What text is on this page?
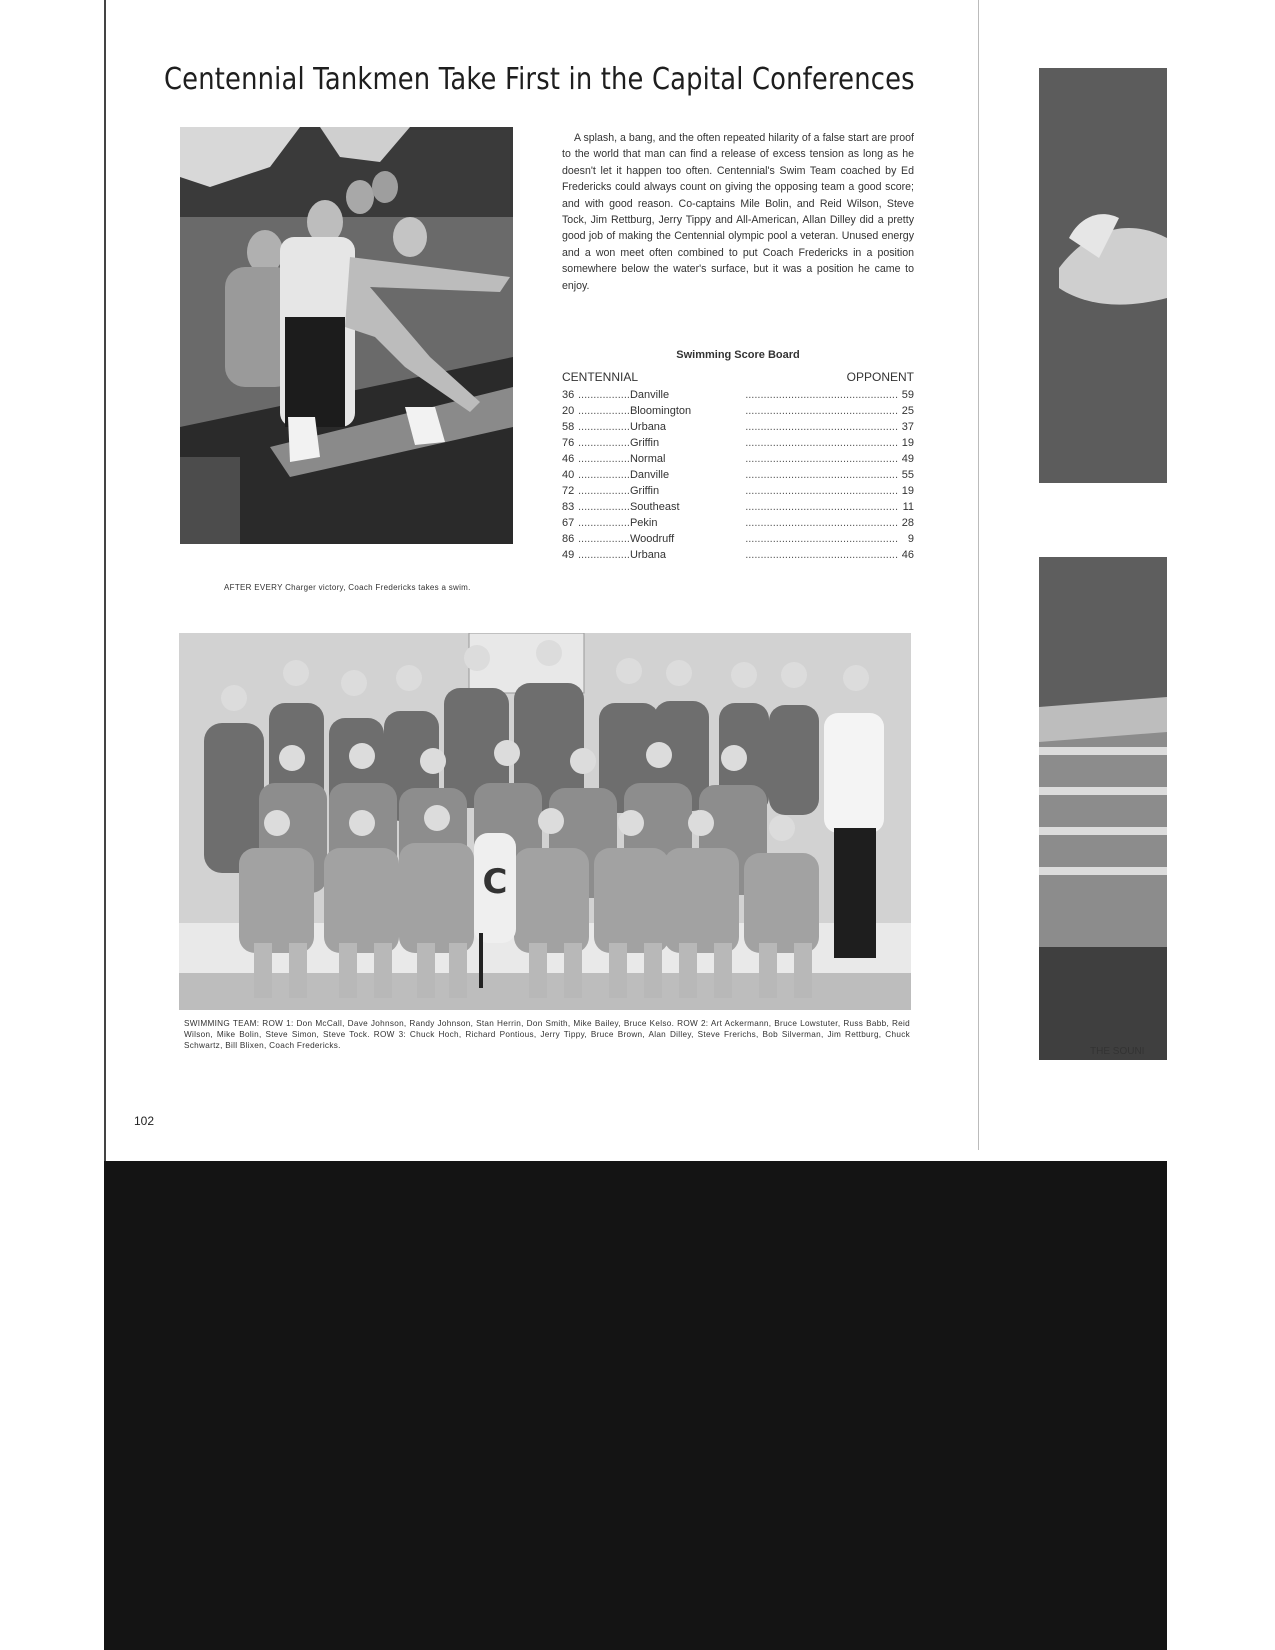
Centennial Tankmen Take First in the Capital Conferences
AFTER EVERY Charger victory, Coach Fredericks takes a swim.

A splash, a bang, and the often repeated hilarity of a false start are proof to the world that man can find a release of excess tension as long as he doesn't let it happen too often. Centennial's Swim Team coached by Ed Fredericks could always count on giving the opposing team a good score; and with good reason. Co-captains Mile Bolin, and Reid Wilson, Steve Tock, Jim Rettburg, Jerry Tippy and All-American, Allan Dilley did a pretty good job of making the Centennial olympic pool a veteran. Unused energy and a won meet often combined to put Coach Fredericks in a position somewhere below the water's surface, but it was a position he came to enjoy.

Swimming Score Board
CENTENNIAL	OPPONENT
36 ................. Danville	.................................................. 59
20 ................. Bloomington	.................................................. 25
58 ................. Urbana	.................................................. 37
76 ................. Griffin	.................................................. 19
46 ................. Normal	.................................................. 49
40 ................. Danville	.................................................. 55
72 ................. Griffin	.................................................. 19
83 ................. Southeast	.................................................. 11
67 ................. Pekin	.................................................. 28
86 ................. Woodruff	.................................................. 9
49 ................. Urbana	.................................................. 46
C
SWIMMING TEAM: ROW 1: Don McCall, Dave Johnson, Randy Johnson, Stan Herrin, Don Smith, Mike Bailey, Bruce Kelso. ROW 2: Art Ackermann, Bruce Lowstuter, Russ Babb, Reid Wilson, Mike Bolin, Steve Simon, Steve Tock. ROW 3: Chuck Hoch, Richard Pontious, Jerry Tippy, Bruce Brown, Alan Dilley, Steve Frerichs, Bob Silverman, Jim Rettburg, Chuck Schwartz, Bill Blixen, Coach Fredericks.
102
THE SOUNI
